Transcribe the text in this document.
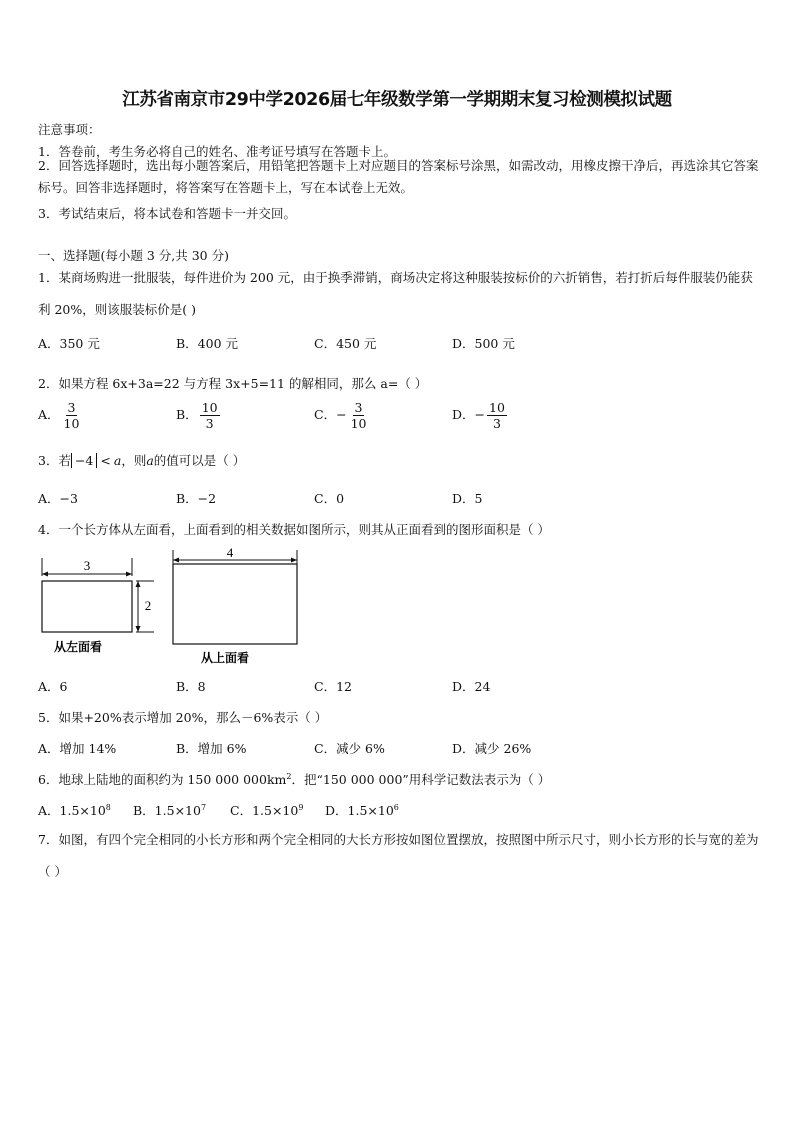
江苏省南京市29中学2026届七年级数学第一学期期末复习检测模拟试题
注意事项：
1．答卷前，考生务必将自己的姓名、准考证号填写在答题卡上。
2．回答选择题时，选出每小题答案后，用铅笔把答题卡上对应题目的答案标号涂黑，如需改动，用橡皮擦干净后，再选涂其它答案标号。回答非选择题时，将答案写在答题卡上，写在本试卷上无效。
3．考试结束后，将本试卷和答题卡一并交回。
一、选择题(每小题 3 分,共 30 分)
1．某商场购进一批服装，每件进价为 200 元，由于换季滞销，商场决定将这种服装按标价的六折销售，若打折后每件服装仍能获利 20%，则该服装标价是( )
A．350 元	B．400 元	C．450 元	D．500 元
2．如果方程 6x+3a=22 与方程 3x+5=11 的解相同，那么 a=（ ）
A． $\frac{3}{10}$	B． $\frac{10}{3}$	C．− $\frac{3}{10}$	D．− $\frac{10}{3}$
3．若 −4 < a，则a的值可以是（ ）
A．−3	B．−2	C．0	D．5
4．一个长方体从左面看，上面看到的相关数据如图所示，则其从正面看到的图形面积是（ ）
3
2
从左面看
4
从上面看
A．6	B．8	C．12	D．24
5．如果+20%表示增加 20%，那么－6%表示（ ）
A．增加 14%	B．增加 6%	C．减少 6%	D．减少 26%
6．地球上陆地的面积约为 150 000 $000km^2$．把“150 000 000”用科学记数法表示为（ ）
A．$1.5\times 10^8$ B．$1.5\times 10^7$ C．$1.5\times 10^9$ D．$1.5\times 10^6$
7．如图，有四个完全相同的小长方形和两个完全相同的大长方形按如图位置摆放，按照图中所示尺寸，则小长方形的长与宽的差为（ ）
